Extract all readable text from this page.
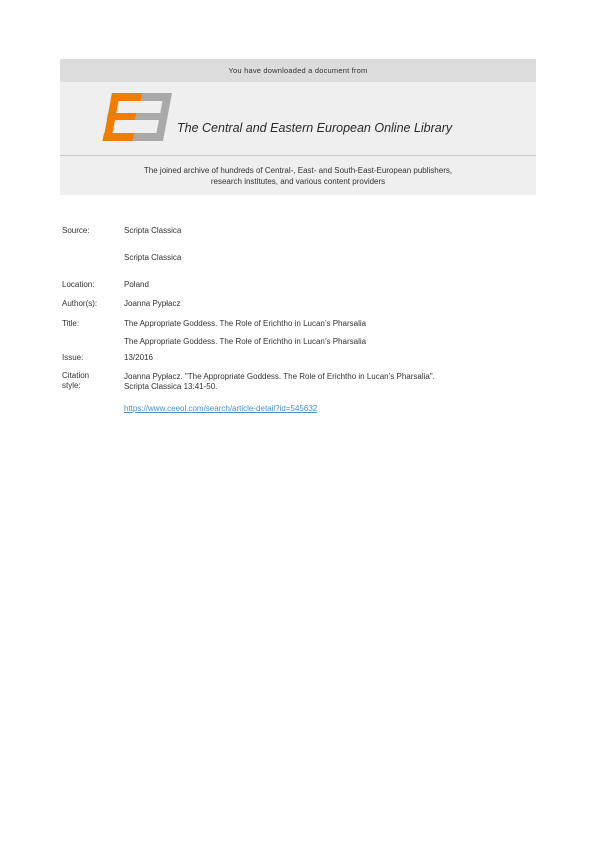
You have downloaded a document from
The Central and Eastern European Online Library
The joined archive of hundreds of Central-, East- and South-East-European publishers,
research institutes, and various content providers
Source:	Scripta Classica
Scripta Classica
Location:	Poland
Author(s):	Joanna Pypłacz
Title:	The Appropriate Goddess. The Role of Erichtho in Lucan’s Pharsalia
The Appropriate Goddess. The Role of Erichtho in Lucan’s Pharsalia
Issue:	13/2016
Citation
style:
Joanna Pypłacz. "The Appropriate Goddess. The Role of Erichtho in Lucan’s Pharsalia".
Scripta Classica 13:41-50.
https://www.ceeol.com/search/article-detail?id=545632
